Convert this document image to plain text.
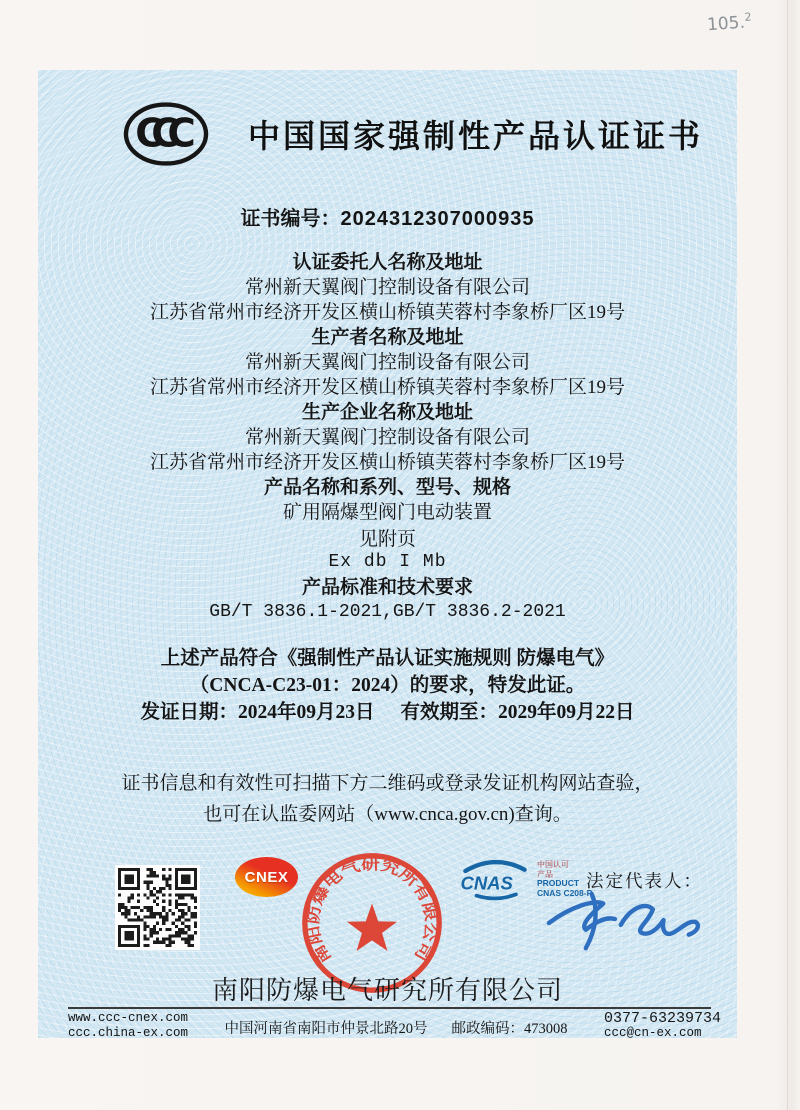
105.$^2$
CCC	中国国家强制性产品认证证书
证书编号：2024312307000935
认证委托人名称及地址
常州新天翼阀门控制设备有限公司
江苏省常州市经济开发区横山桥镇芙蓉村李象桥厂区19号
生产者名称及地址
常州新天翼阀门控制设备有限公司
江苏省常州市经济开发区横山桥镇芙蓉村李象桥厂区19号
生产企业名称及地址
常州新天翼阀门控制设备有限公司
江苏省常州市经济开发区横山桥镇芙蓉村李象桥厂区19号
产品名称和系列、型号、规格
矿用隔爆型阀门电动装置
见附页
Ex db I Mb
产品标准和技术要求
GB/T 3836.1-2021,GB/T 3836.2-2021
上述产品符合《强制性产品认证实施规则 防爆电气》
（CNCA-C23-01：2024）的要求，特发此证。
发证日期：2024年09月23日 有效期至：2029年09月22日
证书信息和有效性可扫描下方二维码或登录发证机构网站查验，
也可在认监委网站（www.cnca.gov.cn)查询。
CNEX
南阳防爆电气研究所有限公司
CNAS
中国认可
产品
PRODUCT
CNAS C208-P
法定代表人：
南阳防爆电气研究所有限公司
www.ccc-cnex.com
ccc.china-ex.com	中国河南省南阳市仲景北路20号 邮政编码：473008
0377-63239734
ccc@cn-ex.com
